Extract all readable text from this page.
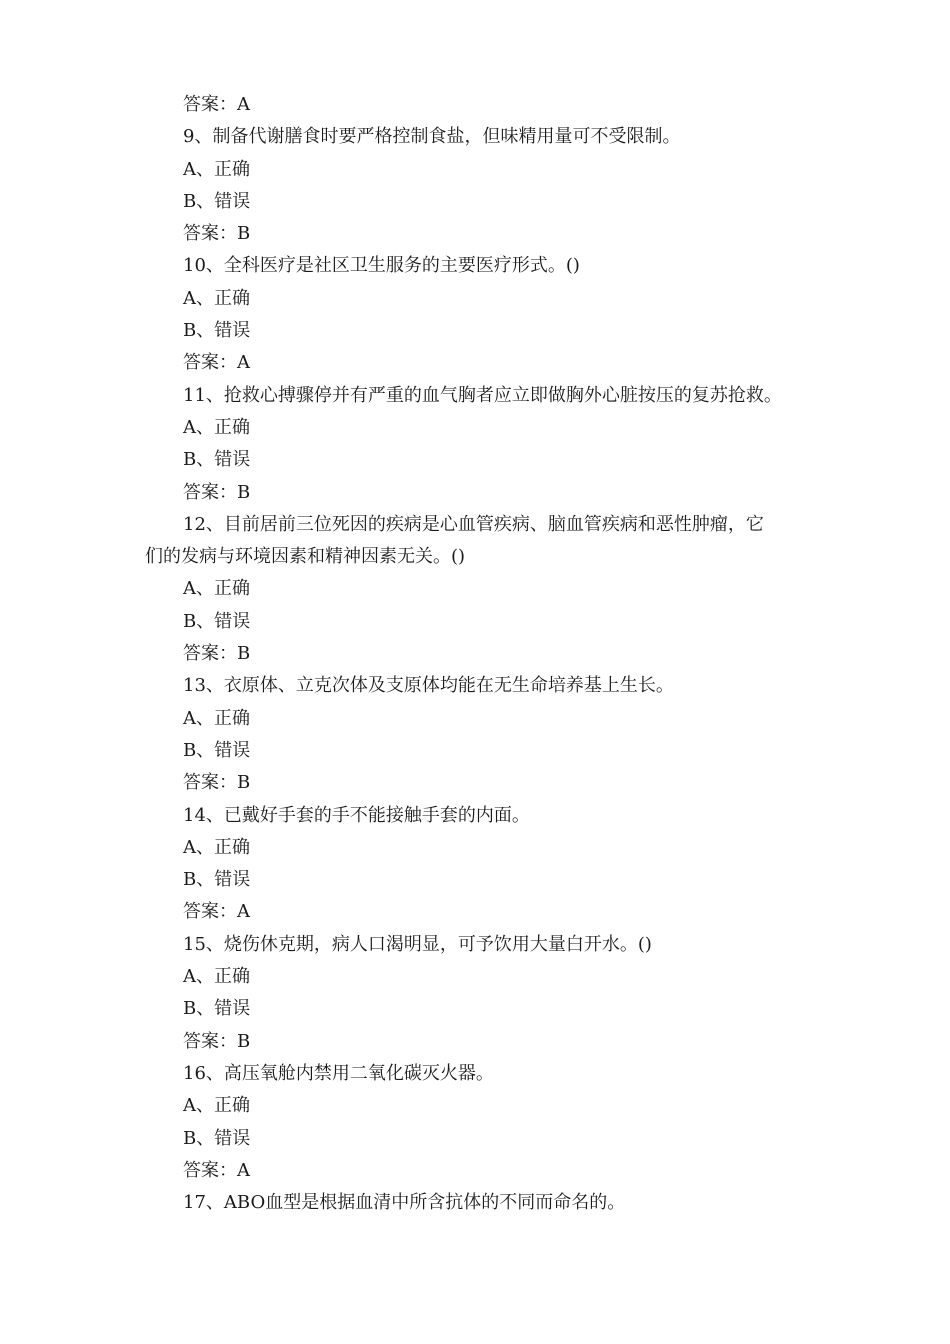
答案：A
9、制备代谢膳食时要严格控制食盐，但味精用量可不受限制。
A、正确
B、错误
答案：B
10、全科医疗是社区卫生服务的主要医疗形式。()
A、正确
B、错误
答案：A
11、抢救心搏骤停并有严重的血气胸者应立即做胸外心脏按压的复苏抢救。
A、正确
B、错误
答案：B
12、目前居前三位死因的疾病是心血管疾病、脑血管疾病和恶性肿瘤，它
们的发病与环境因素和精神因素无关。()
A、正确
B、错误
答案：B
13、衣原体、立克次体及支原体均能在无生命培养基上生长。
A、正确
B、错误
答案：B
14、已戴好手套的手不能接触手套的内面。
A、正确
B、错误
答案：A
15、烧伤休克期，病人口渴明显，可予饮用大量白开水。()
A、正确
B、错误
答案：B
16、高压氧舱内禁用二氧化碳灭火器。
A、正确
B、错误
答案：A
17、ABO血型是根据血清中所含抗体的不同而命名的。
